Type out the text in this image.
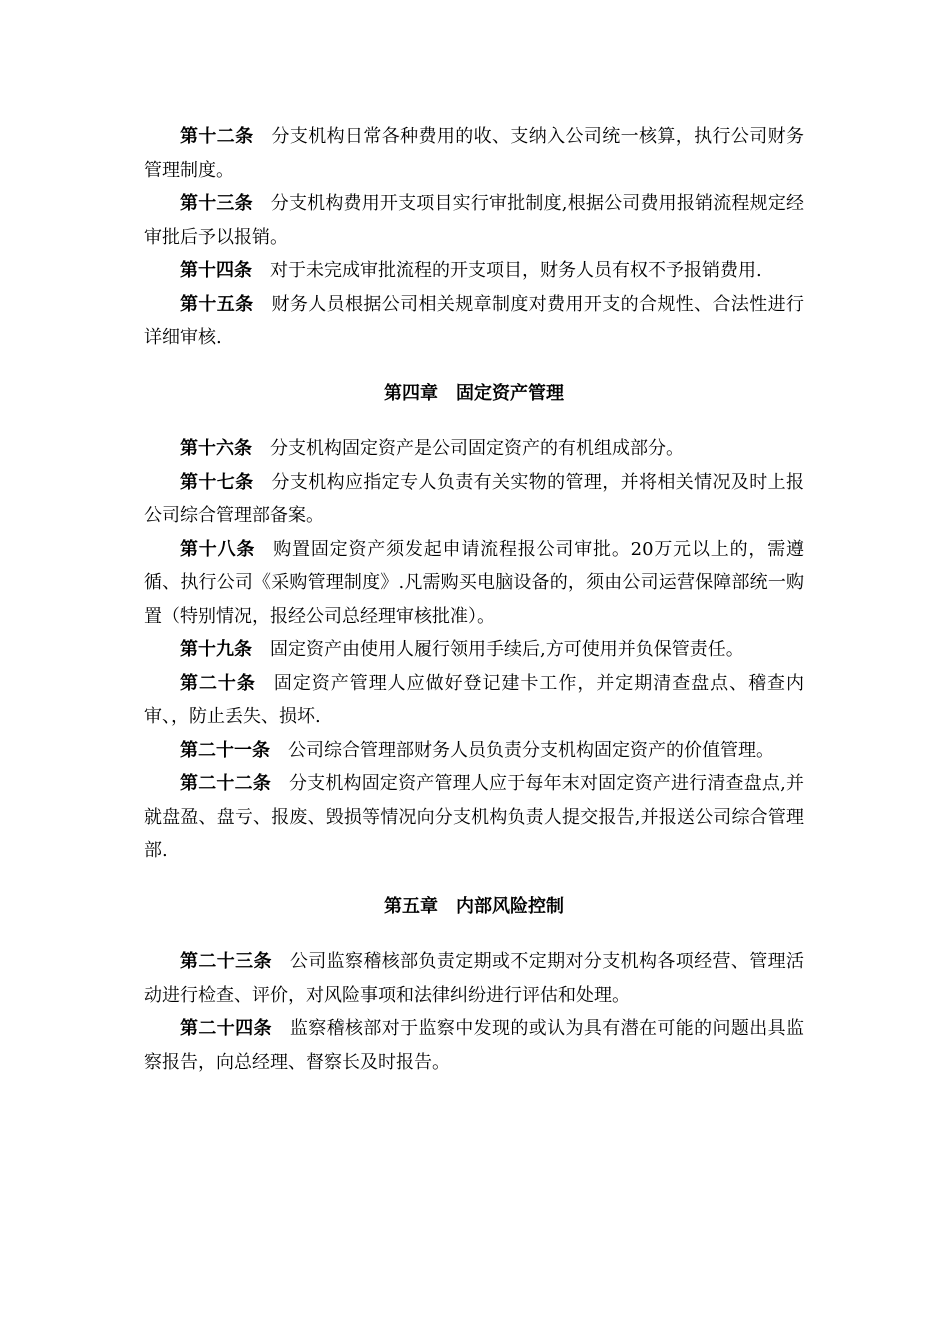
第十二条 分支机构日常各种费用的收、支纳入公司统一核算，执行公司财务管理制度。

第十三条 分支机构费用开支项目实行审批制度,根据公司费用报销流程规定经审批后予以报销。

第十四条 对于未完成审批流程的开支项目，财务人员有权不予报销费用.

第十五条 财务人员根据公司相关规章制度对费用开支的合规性、合法性进行详细审核.

第四章 固定资产管理

第十六条 分支机构固定资产是公司固定资产的有机组成部分。

第十七条 分支机构应指定专人负责有关实物的管理，并将相关情况及时上报公司综合管理部备案。

第十八条 购置固定资产须发起申请流程报公司审批。20万元以上的，需遵循、执行公司《采购管理制度》.凡需购买电脑设备的，须由公司运营保障部统一购置（特别情况，报经公司总经理审核批准）。

第十九条 固定资产由使用人履行领用手续后,方可使用并负保管责任。

第二十条 固定资产管理人应做好登记建卡工作，并定期清查盘点、稽查内审、，防止丢失、损坏.

第二十一条 公司综合管理部财务人员负责分支机构固定资产的价值管理。

第二十二条 分支机构固定资产管理人应于每年末对固定资产进行清查盘点,并就盘盈、盘亏、报废、毁损等情况向分支机构负责人提交报告,并报送公司综合管理部.

第五章 内部风险控制

第二十三条 公司监察稽核部负责定期或不定期对分支机构各项经营、管理活动进行检查、评价，对风险事项和法律纠纷进行评估和处理。

第二十四条 监察稽核部对于监察中发现的或认为具有潜在可能的问题出具监察报告，向总经理、督察长及时报告。
